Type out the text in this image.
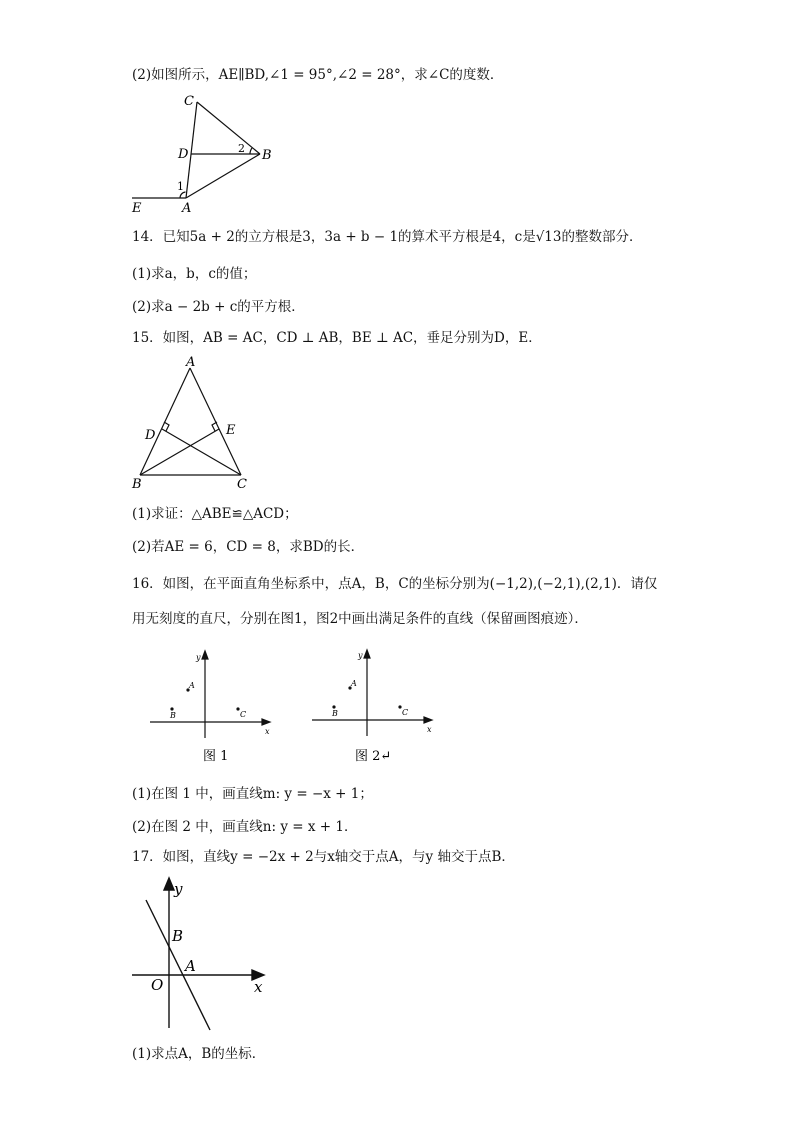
(2)如图所示，AE∥BD,∠1 = 95°,∠2 = 28°，求∠C的度数．
C
D	B
E	A
1
2
14．已知5a + 2的立方根是3，3a + b − 1的算术平方根是4，c是√13的整数部分．
(1)求a，b，c的值；
(2)求a − 2b + c的平方根．
15．如图，AB = AC，CD ⊥ AB，BE ⊥ AC，垂足分别为D，E．
A
B	C
D	E
(1)求证：△ABE≌△ACD；
(2)若AE = 6，CD = 8，求BD的长．
16．如图，在平面直角坐标系中，点A，B，C的坐标分别为(−1,2),(−2,1),(2,1)．请仅
用无刻度的直尺，分别在图1，图2中画出满足条件的直线（保留画图痕迹）．
A
B	C
x
y
图 1
A
B	C
x
y
图 2↵
(1)在图 1 中，画直线m: y = −x + 1；
(2)在图 2 中，画直线n: y = x + 1．
17．如图，直线y = −2x + 2与x轴交于点A，与y 轴交于点B．
y
B
A
O	x
(1)求点A，B的坐标．
